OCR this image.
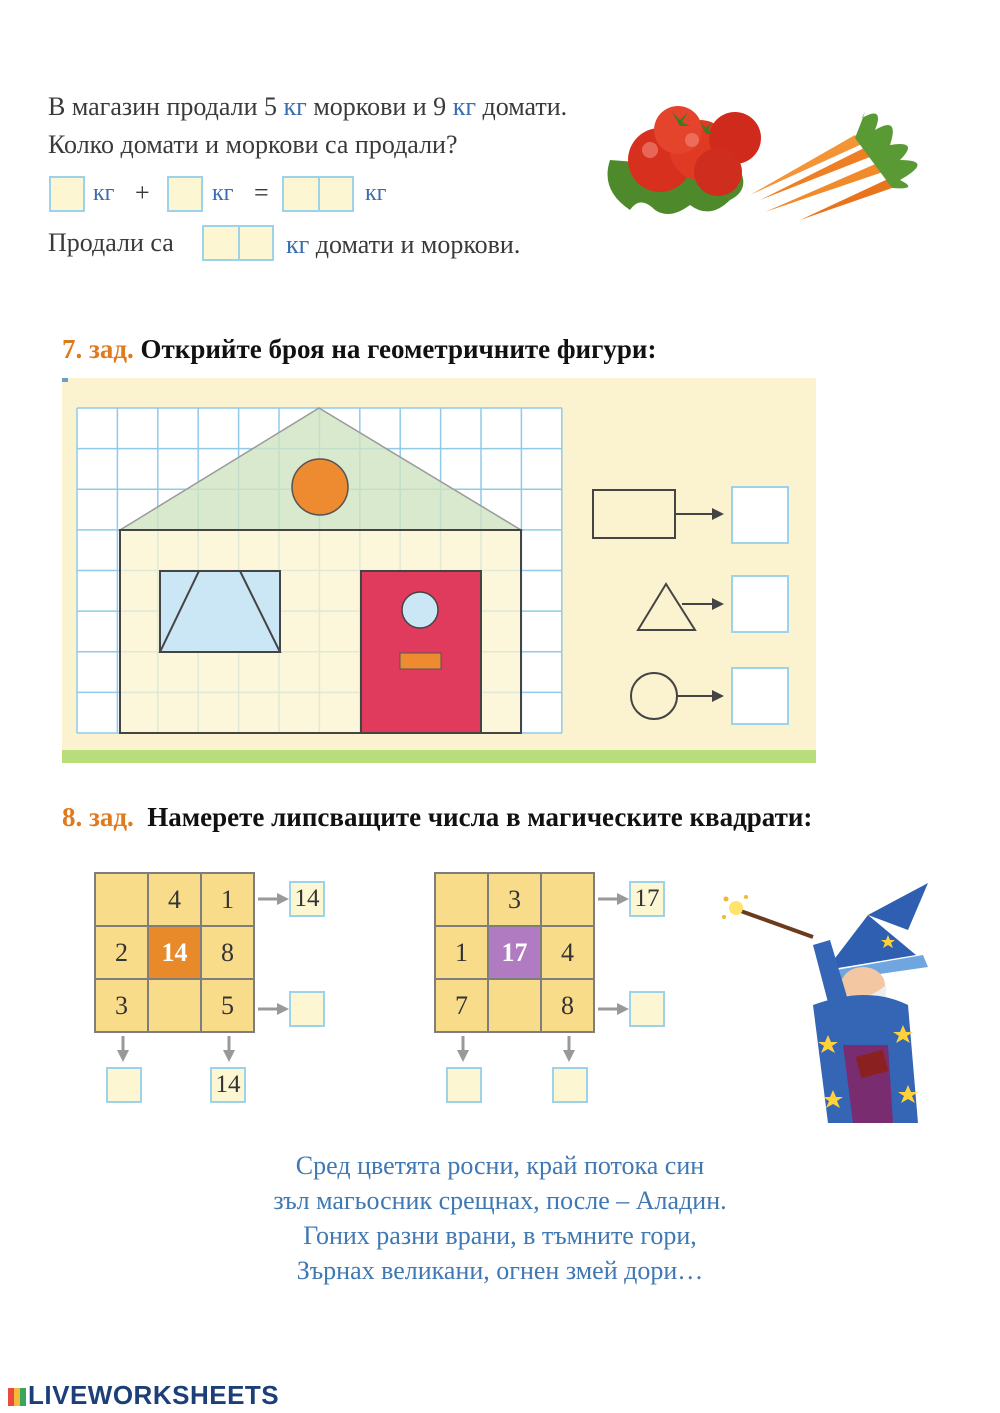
В магазин продали 5 кг моркови и 9 кг домати.
Колко домати и моркови са продали?
кг +	кг =	кг
Продали са	кг домати и моркови.
7. зад. Открийте броя на геометричните фигури:
8. зад.  Намерете липсващите числа в магическите квадрати:
	4	1
2	14	8
3		5
14
14
	3	
1	17	4
7		8
17
Сред цветята росни, край потока син
зъл магьосник срещнах, после – Аладин.
Гоних разни врани, в тъмните гори,
Зърнах великани, огнен змей дори…
LIVEWORKSHEETS
